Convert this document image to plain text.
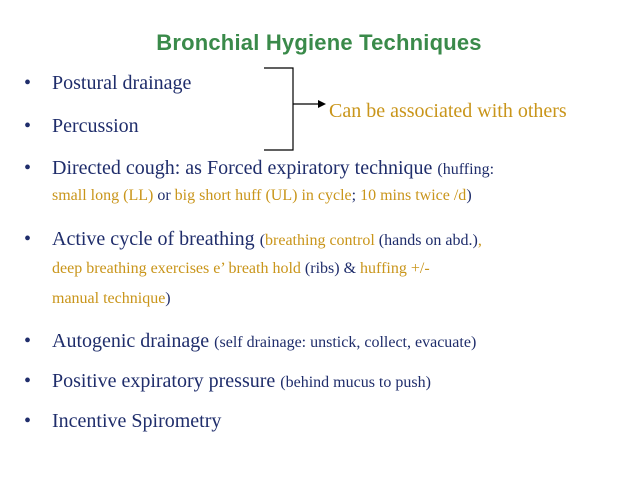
Bronchial Hygiene Techniques
Can be associated with others
• Postural drainage
• Percussion
• Directed cough: as Forced expiratory technique (huffing:
small long (LL) or big short huff (UL) in cycle; 10 mins twice /d)
• Active cycle of breathing (breathing control (hands on abd.),
deep breathing exercises e’ breath hold (ribs) & huffing +/-
manual technique)
• Autogenic drainage (self drainage: unstick, collect, evacuate)
• Positive expiratory pressure (behind mucus to push)
• Incentive Spirometry
